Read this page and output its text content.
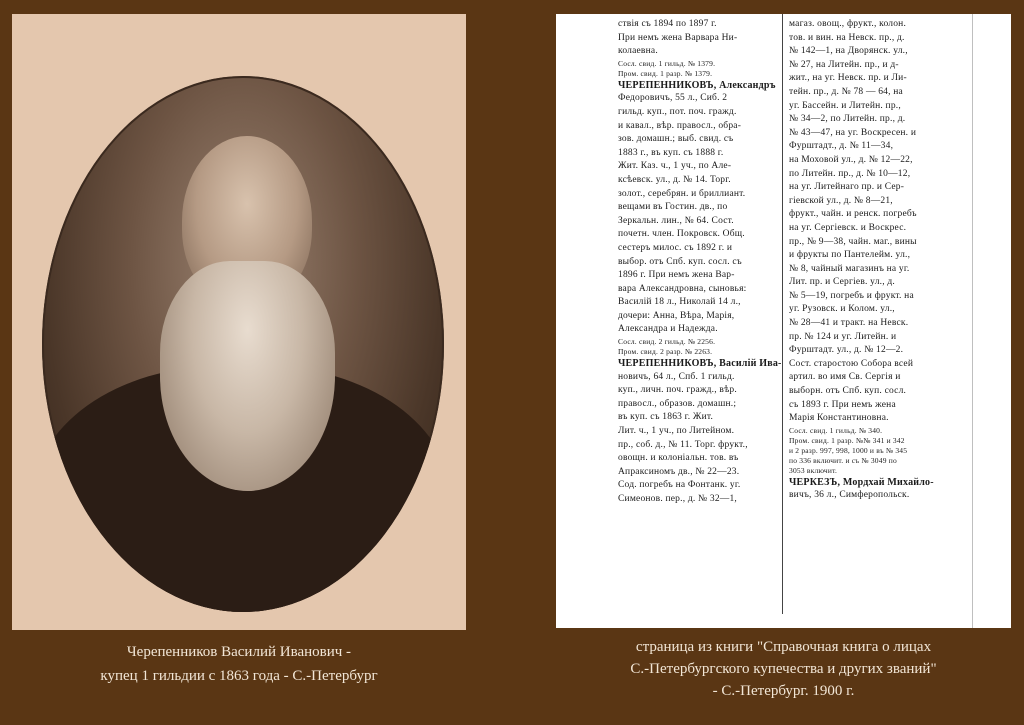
Черепенников Василий Иванович -
купец 1 гильдии с 1863 года - С.-Петербург
ствія съ 1894 по 1897 г.
При немъ жена Варвара Ни-
колаевна.
Сосл. свид. 1 гильд. № 1379.
Пром. свид. 1 разр. № 1379.
ЧЕРЕПЕННИКОВЪ, Александръ
Федоровичъ, 55 л., Сиб. 2
гильд. куп., пот. поч. гражд.
и кавал., вѣр. правосл., обра-
зов. домашн.; выб. свид. съ
1883 г., въ куп. съ 1888 г.
Жит. Каз. ч., 1 уч., по Але-
ксѣевск. ул., д. № 14. Торг.
золот., серебрян. и бриллиант.
вещами въ Гостин. дв., по
Зеркальн. лин., № 64. Сост.
почетн. член. Покровск. Общ.
сестеръ милос. съ 1892 г. и
выбор. отъ Спб. куп. сосл. съ
1896 г. При немъ жена Вар-
вара Александровна, сыновья:
Василій 18 л., Николай 14 л.,
дочери: Анна, Вѣра, Марія,
Александра и Надежда.
Сосл. свид. 2 гильд. № 2256.
Пром. свид. 2 разр. № 2263.
ЧЕРЕПЕННИКОВЪ, Василій Ива-
новичъ, 64 л., Спб. 1 гильд.
куп., личн. поч. гражд., вѣр.
правосл., образов. домашн.;
въ куп. съ 1863 г. Жит.
Лит. ч., 1 уч., по Литейном.
пр., соб. д., № 11. Торг. фрукт.,
овощн. и колоніальн. тов. въ
Апраксиномъ дв., № 22—23.
Сод. погребъ на Фонтанк. уг.
Симеонов. пер., д. № 32—1,
магаз. овощ., фрукт., колон.
тов. и вин. на Невск. пр., д.
№ 142—1, на Дворянск. ул.,
№ 27, на Литейн. пр., и д-
жит., на уг. Невск. пр. и Ли-
тейн. пр., д. № 78 — 64, на
уг. Бассейн. и Литейн. пр.,
№ 34—2, по Литейн. пр., д.
№ 43—47, на уг. Воскресен. и
Фурштадт., д. № 11—34,
на Моховой ул., д. № 12—22,
по Литейн. пр., д. № 10—12,
на уг. Литейнаго пр. и Сер-
гіевской ул., д. № 8—21,
фрукт., чайн. и ренск. погребъ
на уг. Сергіевск. и Воскрес.
пр., № 9—38, чайн. маг., вины
и фрукты по Пантелейм. ул.,
№ 8, чайный магазинъ на уг.
Лит. пр. и Сергіев. ул., д.
№ 5—19, погребъ и фрукт. на
уг. Рузовск. и Колом. ул.,
№ 28—41 и тракт. на Невск.
пр. № 124 и уг. Литейн. и
Фурштадт. ул., д. № 12—2.
Сост. старостою Собора всей
артил. во имя Св. Сергія и
выборн. отъ Спб. куп. сосл.
съ 1893 г. При немъ жена
Марія Константиновна.
Сосл. свид. 1 гильд. № 340.
Пром. свид. 1 разр. №№ 341 и 342
и 2 разр. 997, 998, 1000 и въ № 345
по 336 включит. и съ № 3049 по
3053 включит.
ЧЕРКЕЗЪ, Мордхай Михайло-
вичъ, 36 л., Симферопольск.
страница из книги "Справочная книга о лицах
С.-Петербургского купечества и других званий"
- С.-Петербург. 1900 г.
